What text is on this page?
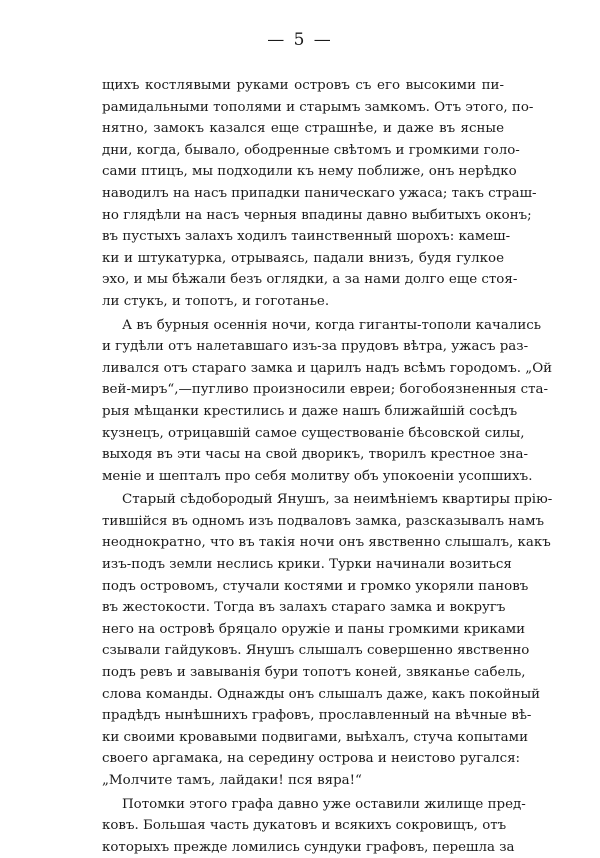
— 5 —
щихъ костлявыми руками островъ съ его высокими пи-
рамидальными тополями и старымъ замкомъ. Отъ этого, по-
нятно, замокъ казался еще страшнѣе, и даже въ ясные
дни, когда, бывало, ободренные свѣтомъ и громкими голо-
сами птицъ, мы подходили къ нему поближе, онъ нерѣдко
наводилъ на насъ припадки паническаго ужаса; такъ страш-
но глядѣли на насъ черныя впадины давно выбитыхъ оконъ;
въ пустыхъ залахъ ходилъ таинственный шорохъ: камеш-
ки и штукатурка, отрываясь, падали внизъ, будя гулкое
эхо, и мы бѣжали безъ оглядки, а за нами долго еще стоя-
ли стукъ, и топотъ, и гоготанье.
А въ бурныя осеннія ночи, когда гиганты-тополи качались
и гудѣли отъ налетавшаго изъ-за прудовъ вѣтра, ужасъ раз-
ливался отъ стараго замка и царилъ надъ всѣмъ городомъ. „Ой
вей-миръ“,—пугливо произносили евреи; богобоязненныя ста-
рыя мѣщанки крестились и даже нашъ ближайшій сосѣдъ
кузнецъ, отрицавшій самое существованіе бѣсовской силы,
выходя въ эти часы на свой дворикъ, творилъ крестное зна-
меніе и шепталъ про себя молитву объ упокоеніи усопшихъ.
Старый сѣдобородый Янушъ, за неимѣніемъ квартиры прію-
тившійся въ одномъ изъ подваловъ замка, разсказывалъ намъ
неоднократно, что въ такія ночи онъ явственно слышалъ, какъ
изъ-подъ земли неслись крики. Турки начинали возиться
подъ островомъ, стучали костями и громко укоряли пановъ
въ жестокости. Тогда въ залахъ стараго замка и вокругъ
него на островѣ бряцало оружіе и паны громкими криками
сзывали гайдуковъ. Янушъ слышалъ совершенно явственно
подъ ревъ и завыванія бури топотъ коней, звяканье сабель,
слова команды. Однажды онъ слышалъ даже, какъ покойный
прадѣдъ нынѣшнихъ графовъ, прославленный на вѣчные вѣ-
ки своими кровавыми подвигами, выѣхалъ, стуча копытами
своего аргамака, на середину острова и неистово ругался:
„Молчите тамъ, лайдаки! пся вяра!“
Потомки этого графа давно уже оставили жилище пред-
ковъ. Большая часть дукатовъ и всякихъ сокровищъ, отъ
которыхъ прежде ломились сундуки графовъ, перешла за
